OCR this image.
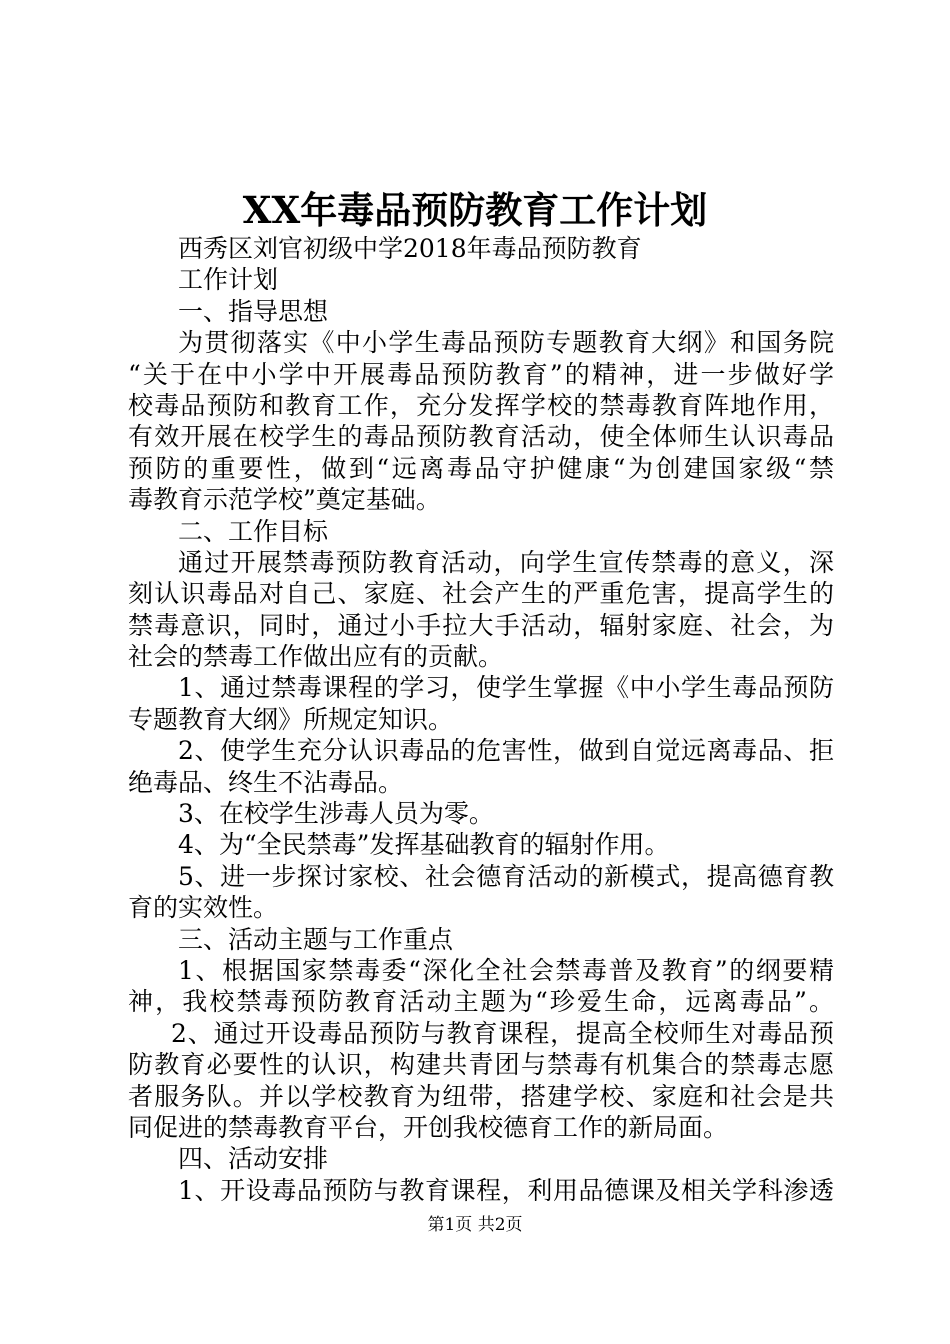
XX年毒品预防教育工作计划
西秀区刘官初级中学2018年毒品预防教育
工作计划
一、指导思想
为贯彻落实《中小学生毒品预防专题教育大纲》和国务院
“关于在中小学中开展毒品预防教育”的精神，进一步做好学
校毒品预防和教育工作，充分发挥学校的禁毒教育阵地作用，
有效开展在校学生的毒品预防教育活动，使全体师生认识毒品
预防的重要性，做到“远离毒品守护健康“为创建国家级“禁
毒教育示范学校”奠定基础。
二、工作目标
通过开展禁毒预防教育活动，向学生宣传禁毒的意义，深
刻认识毒品对自己、家庭、社会产生的严重危害，提高学生的
禁毒意识，同时，通过小手拉大手活动，辐射家庭、社会，为
社会的禁毒工作做出应有的贡献。
1、通过禁毒课程的学习，使学生掌握《中小学生毒品预防
专题教育大纲》所规定知识。
2、使学生充分认识毒品的危害性，做到自觉远离毒品、拒
绝毒品、终生不沾毒品。
3、在校学生涉毒人员为零。
4、为“全民禁毒”发挥基础教育的辐射作用。
5、进一步探讨家校、社会德育活动的新模式，提高德育教
育的实效性。
三、活动主题与工作重点
1、根据国家禁毒委“深化全社会禁毒普及教育”的纲要精
神，我校禁毒预防教育活动主题为“珍爱生命，远离毒品”。
2、通过开设毒品预防与教育课程，提高全校师生对毒品预
防教育必要性的认识，构建共青团与禁毒有机集合的禁毒志愿
者服务队。并以学校教育为纽带，搭建学校、家庭和社会是共
同促进的禁毒教育平台，开创我校德育工作的新局面。
四、活动安排
1、开设毒品预防与教育课程，利用品德课及相关学科渗透
第1页 共2页
